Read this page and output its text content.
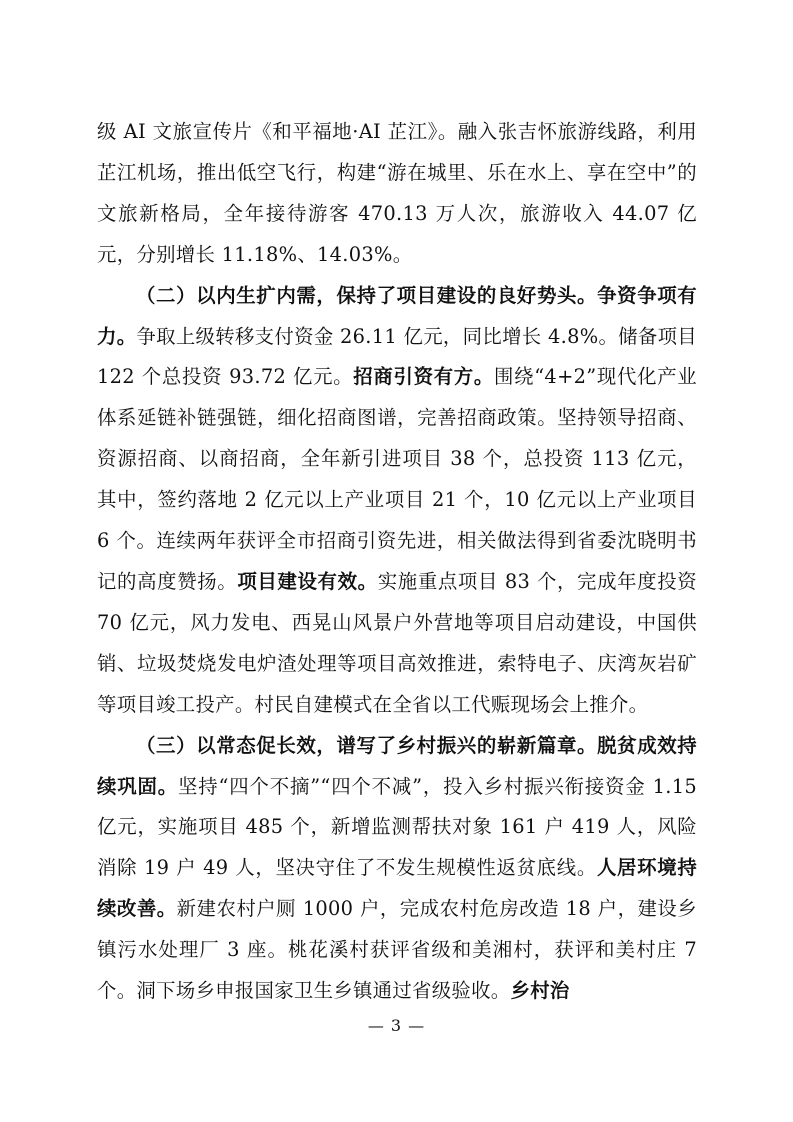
级 AI 文旅宣传片《和平福地·AI 芷江》。融入张吉怀旅游线路，利用芷江机场，推出低空飞行，构建“游在城里、乐在水上、享在空中”的文旅新格局，全年接待游客 470.13 万人次，旅游收入 44.07 亿元，分别增长 11.18%、14.03%。

（二）以内生扩内需，保持了项目建设的良好势头。争资争项有力。争取上级转移支付资金 26.11 亿元，同比增长 4.8%。储备项目 122 个总投资 93.72 亿元。招商引资有方。围绕“4+2”现代化产业体系延链补链强链，细化招商图谱，完善招商政策。坚持领导招商、资源招商、以商招商，全年新引进项目 38 个，总投资 113 亿元，其中，签约落地 2 亿元以上产业项目 21 个，10 亿元以上产业项目 6 个。连续两年获评全市招商引资先进，相关做法得到省委沈晓明书记的高度赞扬。项目建设有效。实施重点项目 83 个，完成年度投资 70 亿元，风力发电、西晃山风景户外营地等项目启动建设，中国供销、垃圾焚烧发电炉渣处理等项目高效推进，索特电子、庆湾灰岩矿等项目竣工投产。村民自建模式在全省以工代赈现场会上推介。

（三）以常态促长效，谱写了乡村振兴的崭新篇章。脱贫成效持续巩固。坚持“四个不摘”“四个不减”，投入乡村振兴衔接资金 1.15 亿元，实施项目 485 个，新增监测帮扶对象 161 户 419 人，风险消除 19 户 49 人，坚决守住了不发生规模性返贫底线。人居环境持续改善。新建农村户厕 1000 户，完成农村危房改造 18 户，建设乡镇污水处理厂 3 座。桃花溪村获评省级和美湘村，获评和美村庄 7 个。洞下场乡申报国家卫生乡镇通过省级验收。乡村治

— 3 —
